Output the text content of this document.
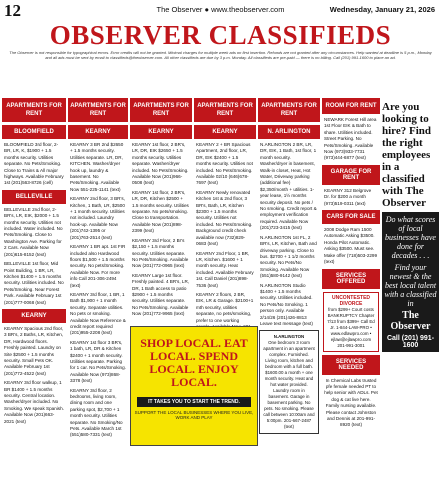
12	The Observer ● www.theobserver.com	Wednesday, January 21, 2026
OBSERVER CLASSIFIEDS
The Observer is not responsible for typographical errors. Error credits will not be granted. Minimal charges for multiple week ads on first insertion. Refunds are not granted after any circumstances. Help wanted at deadline is 5 p.m., Monday and all ads must be sent by email to classifieds@theobserver.com. All other classifieds are due by 3 p.m. Monday. All classifieds are pre-paid — there is no billing. Call (201) 991-1600 to place an ad.
APARTMENTS FOR RENT
BLOOMFIELD
BLOOMFIELD 3rd floor, 2-BR, LR, K, $1900 + 1.5 months security. Utilities separate. No Pets/Smoking. Close to Trains & All major highways. Available February 1st (201)563-8726 (cell)
BELLEVILLE
BELLEVILLE 2nd floor, 2-BR's, LR, EIK, $2000 + 1.5 months security. Utilities not included. Water included. No Pets/Smoking. Close to Washington Ave. Parking for 2 Cars. Available Now (201)615-8152 (text)
BELLEVILLE 1st floor, Mid Point Building, 1 BR, LR, Kitchen $1400 + 1.5 months security. Utilities included. No Pets/Smoking. Near Forest Park. Available February 1st (201)777-0068 (text)
KEARNY
KEARNY Spacious 2nd floor, 3 BR's, 2 Baths, LR, Kitchen, DR, Hardwood floors. Freshly painted. Laundry on Site $2500 + 1.5 months security. Small Pets OK. Available February 1st (201)772-4522 (text)
KEARNY 3rd floor walkup, 1 BR $1400 + 1.5 months security. Central location. Washer/dryer included. No Smoking. We speak Spanish. Available Now (201)663-2021 (text)
APARTMENTS FOR RENT
KEARNY
KEARNY 3 BR 2nd $2650 + 1.5 months security. Utilities separate. LR, DR, KITCHEN. Washer/dryer hook up, laundry & basement. No Pets/Smoking. Available Now 551-225-1141 (text)
KEARNY 2nd floor, 3 BR's, Kitchen, 1 Bath, LR, $2500 + 1 month security. Utilities not included. Laundry hook-up. Available Now (201)742-1395 or (201)763-2514 (text)
KEARNY 1 BR apt. 1st FIR included also Hardwood floors $1,500 + 1.5 months security. No pets/Smoking. Available Now. For more info Call 201-306-2494 (text)
KEARNY 3rd floor, 1 BR, 1 Bath $1,900 + 1 month security. Separate utilities. No pets or smoking. Available Now Reference & credit report required (201)955-2208 (text)
KEARNY 1st floor 3 BR's, 1 bath, LR, DR & Kitchen $2400 + 1 month security. Utilities separate. Parking for 1 car. No Pets/Smoking. Available Now (973)868-3378 (text)
KEARNY 3rd floor, 2 bedrooms, living room, dining room and one parking spot, $2,700 + 1 month security. Utilities separate. No Smoking/No Pets. Available March 1st (551)580-7331 (text)
APARTMENTS FOR RENT
KEARNY
KEARNY 1st floor, 2 BR's, LR, DR, EIK $2650 + 1.5 months security. Utilities separate. Washer/dryer included. No Pets/Smoking. Available Now (201)966-0508 (text)
KEARNY 1st floor, 2 BR's, LR, DR, Kitchen $2500 + 1.5 months security. Utilities separate. No pets/smoking. Close to transportation. Available Now (201)898-2399 (text)
KEARNY 3rd Floor, 2 Br's $2,150 + 1.5 months security. Utilities separate. No Pets/Smoking. Available Now (201)772-0965 (text)
KEARNY Large 1st floor. Freshly painted. 4 BR's, LR, DR, 1 Bath access to patio $2900 + 1.5 months security. Utilities separate. No Pets/Smoking. Available Now (201)772-9965 (text)
APARTMENTS FOR RENT
KEARNY
KEARNY 2 + BR Spacious Apartment, 2nd floor, LR, DR, EIK $2400 + 1.5 months security. Utilities not included. No Pets/Smoking. Available 02/10 (646)678-7697 (text)
KEARNY Newly renovated Kitchen 1st & 2nd floor, 3 BR's, Bath, LR, Kitchen $2300 + 1.5 months security. Utilities not included. No Pets/Smoking. Background credit check available now (732)829-0683 (text)
KEARNY 2nd Floor, 1 BR, LR, Kitchen. $1600 + 1 month security. Heat included. Available February 1st. Call Daniel (201)898-7536 (text)
KEARNY 2 floors, 2 BR, EIK, LR & Garage. $2100+1 mth security, utilities separate, no pets/smoking, prefer to one working
SHOP LOCAL. EAT LOCAL. SPEND LOCAL. ENJOY LOCAL.
IT TAKES YOU TO START THE TREND.
SUPPORT THE LOCAL BUSINESSES WHERE YOU LIVE, WORK AND PLAY
APARTMENTS FOR RENT
N. ARLINGTON
N.ARLINGTON 2 BR, LR, DR, EIK, 1 Bath, 1st floor, 1 month security. Washer/dryer in basement, Walk-in closet, Heat, Hot Water, Driveway parking (additional fee) $2,350/month + utilities. 1-year lease, 1½ months security deposit. No pets / No smoking. Credit report & employment verification required. Available Now (201)723-3415 (text)
N.ARLINGTON 1st FL, 2 BR's, LR, Kitchen, Bath and driveway parking. Close to bus. $2700 + 1 1/2 months security. No Pets/No Smoking. Available Now (551)580-9142 (text)
N.ARLINGTON Studio $1400 + 1.5 months security. Utilities included. No Pets/No Smoking. 1 person only. Available 2/14/26 (201)426-8813 Leave text message (text)
N.ARLINGTON
One bedroom 3 room apartment in an apartment complex. Furnished. Living room, kitchen and bedroom with a full bath. $1600.00 a month + one month security. Heat and hot water provided. Laundry room in basement. Garage in basement parking. No pets. No smoking. Please call between 10:00am and 5:00pm. 201-667-2487 (text)
ROOM FOR RENT
NEWARK Forest Hill area 1st Floor EIK & Bath to share. Utilities included. Street Parking. No Pets/Smoking. Available Now (973)933-7731 (973)444-6877 (text)
GARAGE FOR RENT
KEARNY 312 Belgrove Dr. for $200 a month (973)519-0311 (text)
CARS FOR SALE
2008 Dodge Ram 1500 Automatic Asking $3500. Honda Pilot Automatic. Asking $3500. Must see. Make offer (718)503-2299 (text)
SERVICES OFFERED
UNCONTESTED DIVORCE
from $299+ Court costs BANKRUPTCY Chapter 7/13 from $399+ Call Ed Jr. 1-844-LAW-PRO • www.edlawpro.com • ejlaw@ejlawpro.com 201-991-3001
SERVICES NEEDED
In Chemical Labs trusted pfe female needed PT to help senior with ADLs. Pet dog & cat live here. Family nursing available. Please contact Johnston and Dennis at 201-991-8920 (text)
Are you looking to hire? Find the right employees in a classified with The Observer
Do what scores of local businesses have done for decades . . .
Find your newest & the best local talent with a classified in
The Observer
Call (201) 991-1600
